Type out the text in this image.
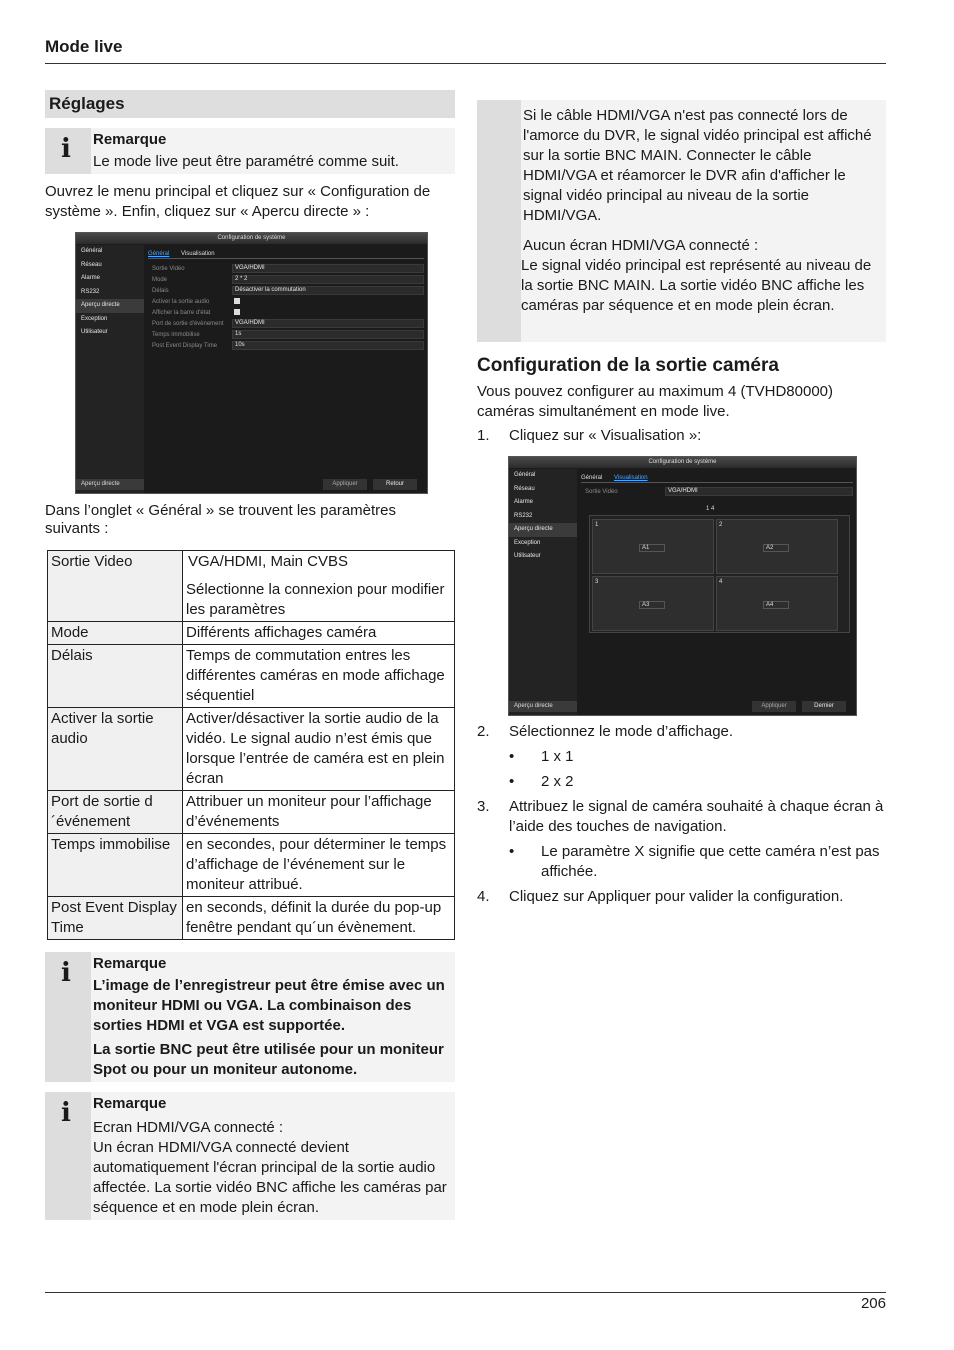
Mode live
Réglages
i Remarque

Le mode live peut être paramétré comme suit.

Ouvrez le menu principal et cliquez sur « Configuration de système ». Enfin, cliquez sur « Apercu directe » :

Configuration de système
Général
Réseau
Alarme
RS232
Aperçu directe
Exception
Utilisateur
Aperçu directe
Général Visualisation
Sortie Vidéo	VGA/HDMI
Mode	2 * 2
Délais	Désactiver la commutation
Activer la sortie audio
Afficher la barre d'état
Port de sortie d'évènement	VGA/HDMI
Temps immobilise	1s
Post Event Display Time	10s
Appliquer	Retour

Dans l’onglet « Général » se trouvent les paramètres suivants :

Sortie Video	VGA/HDMI, Main CVBS
Sélectionne la connexion pour modifier les paramètres

Mode	Différents affichages caméra
Délais	Temps de commutation entres les différentes caméras en mode affichage séquentiel
Activer la sortie audio	Activer/désactiver la sortie audio de la vidéo. Le signal audio n’est émis que lorsque l’entrée de caméra est en plein écran
Port de sortie d´événement	Attribuer un moniteur pour l’affichage d’événements
Temps immobilise	en secondes, pour déterminer le temps d’affichage de l’événement sur le moniteur attribué.
Post Event Display Time	en seconds, définit la durée du pop-up fenêtre pendant qu´un évènement.
i Remarque

L’image de l’enregistreur peut être émise avec un moniteur HDMI ou VGA. La combinaison des sorties HDMI et VGA est supportée.

La sortie BNC peut être utilisée pour un moniteur Spot ou pour un moniteur autonome.

i Remarque

Ecran HDMI/VGA connecté :

Un écran HDMI/VGA connecté devient automatiquement l'écran principal de la sortie audio affectée. La sortie vidéo BNC affiche les caméras par séquence et en mode plein écran.

Si le câble HDMI/VGA n'est pas connecté lors de l'amorce du DVR, le signal vidéo principal est affiché sur la sortie BNC MAIN. Connecter le câble HDMI/VGA et réamorcer le DVR afin d'afficher le signal vidéo principal au niveau de la sortie HDMI/VGA.

Aucun écran HDMI/VGA connecté :

Le signal vidéo principal est représenté au niveau de la sortie BNC MAIN. La sortie vidéo BNC affiche les caméras par séquence et en mode plein écran.

Configuration de la sortie caméra

Vous pouvez configurer au maximum 4 (TVHD80000) caméras simultanément en mode live.

1. Cliquez sur « Visualisation »:
Configuration de système
Général
Réseau
Alarme
RS232
Aperçu directe
Exception
Utilisateur
Aperçu directe
Général Visualisation
Sortie Vidéo	VGA/HDMI
1 4
1
A1
2
A2
3
A3
4
A4
Appliquer	Dernier
2. Sélectionnez le mode d’affichage.
• 1 x 1
• 2 x 2
3. Attribuez le signal de caméra souhaité à chaque écran à l’aide des touches de navigation.
• Le paramètre X signifie que cette caméra n’est pas affichée.
4. Cliquez sur Appliquer pour valider la configuration.
206
